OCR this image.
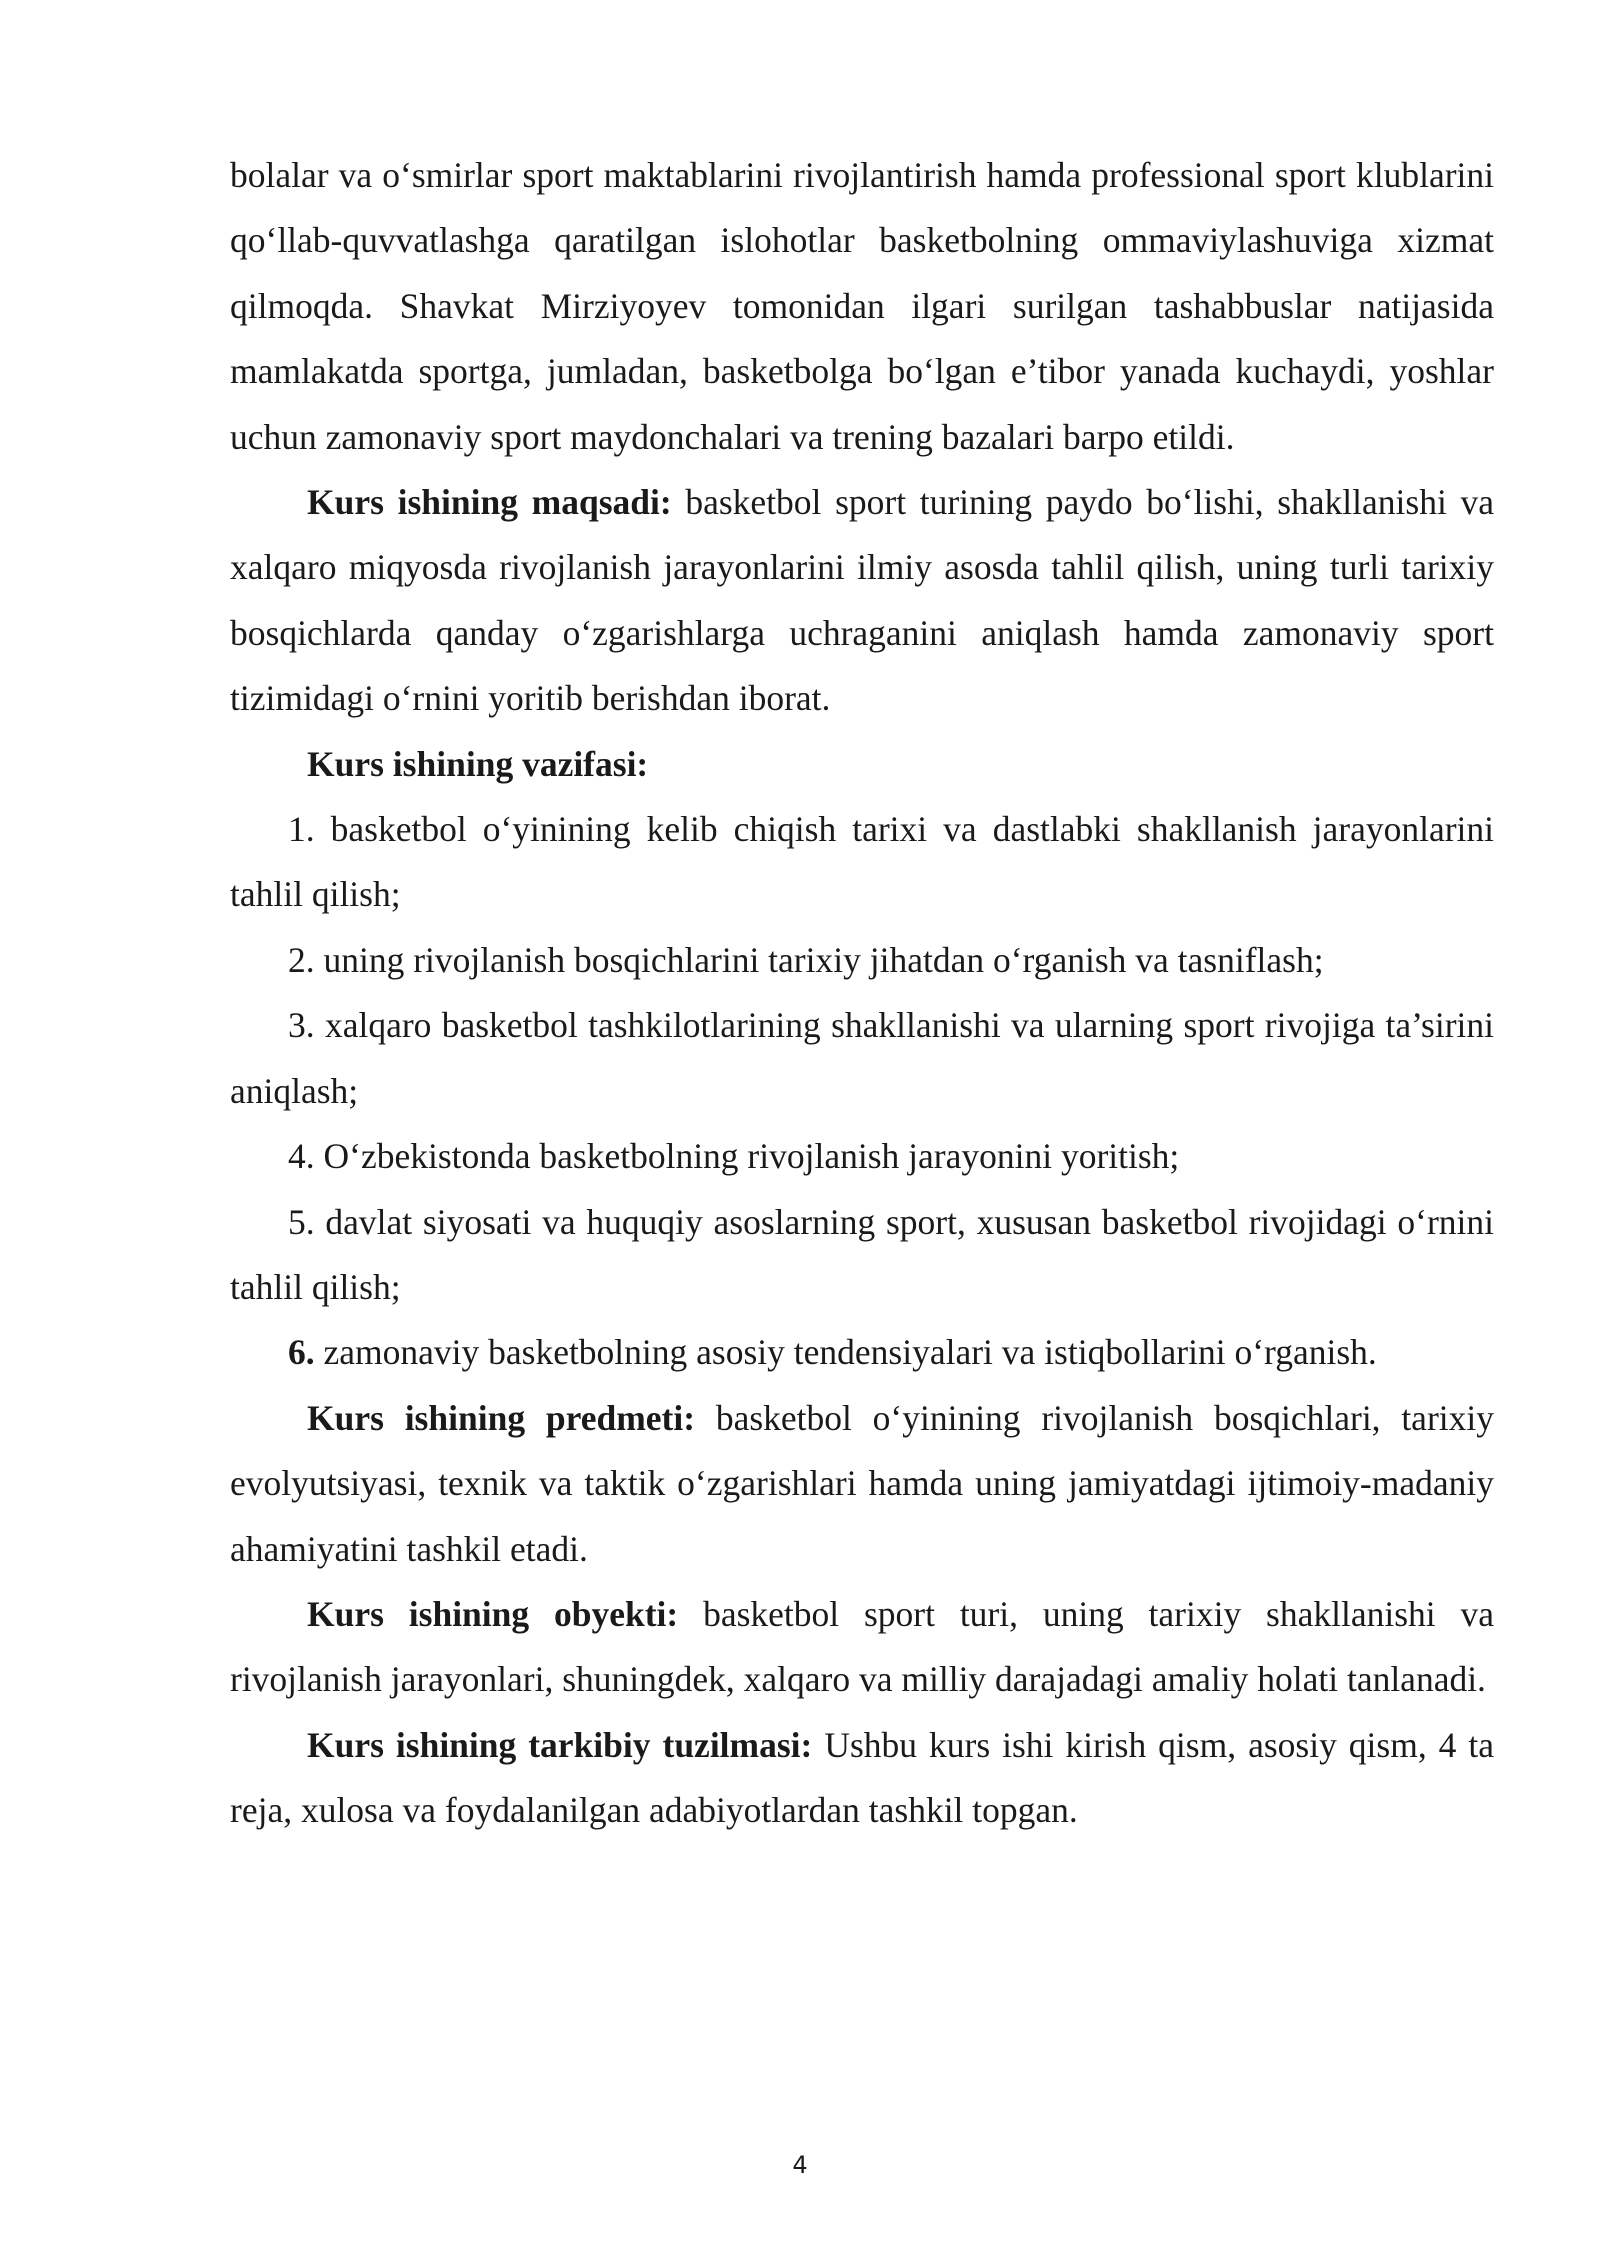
bolalar va o‘smirlar sport maktablarini rivojlantirish hamda professional sport klublarini qo‘llab-quvvatlashga qaratilgan islohotlar basketbolning ommaviylashuviga xizmat qilmoqda. Shavkat Mirziyoyev tomonidan ilgari surilgan tashabbuslar natijasida mamlakatda sportga, jumladan, basketbolga bo‘lgan e’tibor yanada kuchaydi, yoshlar uchun zamonaviy sport maydonchalari va trening bazalari barpo etildi.

Kurs ishining maqsadi: basketbol sport turining paydo bo‘lishi, shakllanishi va xalqaro miqyosda rivojlanish jarayonlarini ilmiy asosda tahlil qilish, uning turli tarixiy bosqichlarda qanday o‘zgarishlarga uchraganini aniqlash hamda zamonaviy sport tizimidagi o‘rnini yoritib berishdan iborat.

Kurs ishining vazifasi:

1. basketbol o‘yinining kelib chiqish tarixi va dastlabki shakllanish jarayonlarini tahlil qilish;

2. uning rivojlanish bosqichlarini tarixiy jihatdan o‘rganish va tasniflash;

3. xalqaro basketbol tashkilotlarining shakllanishi va ularning sport rivojiga ta’sirini aniqlash;

4. O‘zbekistonda basketbolning rivojlanish jarayonini yoritish;

5. davlat siyosati va huquqiy asoslarning sport, xususan basketbol rivojidagi o‘rnini tahlil qilish;

6. zamonaviy basketbolning asosiy tendensiyalari va istiqbollarini o‘rganish.

Kurs ishining predmeti: basketbol o‘yinining rivojlanish bosqichlari, tarixiy evolyutsiyasi, texnik va taktik o‘zgarishlari hamda uning jamiyatdagi ijtimoiy-madaniy ahamiyatini tashkil etadi.

Kurs ishining obyekti: basketbol sport turi, uning tarixiy shakllanishi va rivojlanish jarayonlari, shuningdek, xalqaro va milliy darajadagi amaliy holati tanlanadi.

Kurs ishining tarkibiy tuzilmasi: Ushbu kurs ishi kirish qism, asosiy qism, 4 ta reja, xulosa va foydalanilgan adabiyotlardan tashkil topgan.

4
